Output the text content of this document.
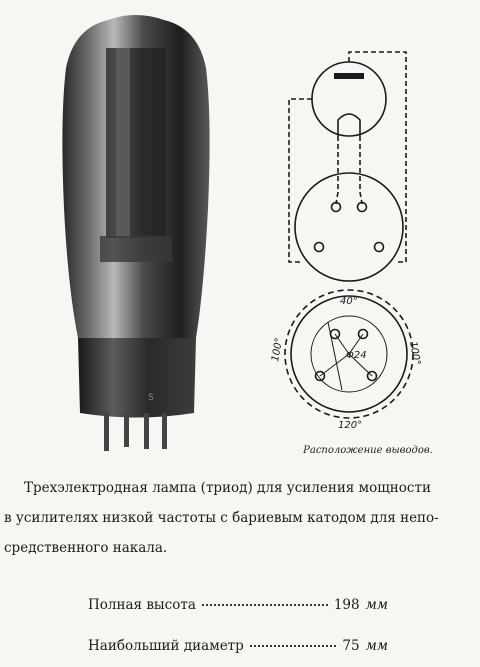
S
40°
Φ24
100°	100°
120°
Расположение выводов.
Трехэлектродная лампа (триод) для усиления мощности
в усилителях низкой частоты с бариевым катодом для непо-
средственного накала.
Полная высота	198 мм
Наибольший диаметр	75 мм
